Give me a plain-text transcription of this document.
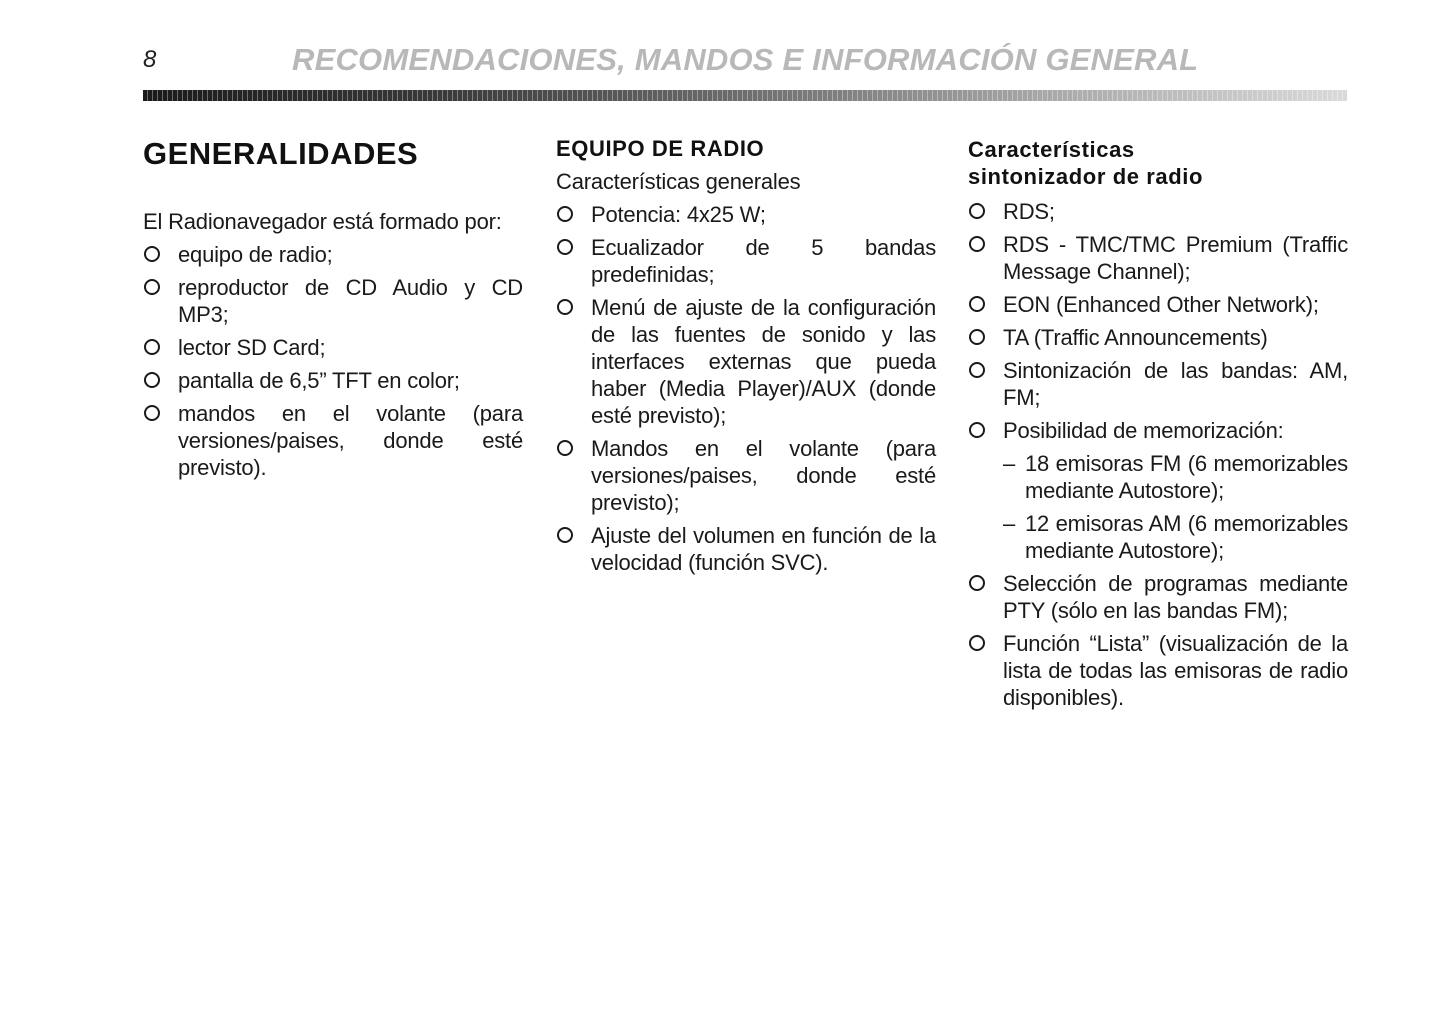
8	RECOMENDACIONES, MANDOS E INFORMACIÓN GENERAL
GENERALIDADES

El Radionavegador está formado por:

equipo de radio;
reproductor de CD Audio y CD MP3;
lector SD Card;
pantalla de 6,5” TFT en color;
mandos en el volante (para versiones/paises, donde esté previsto).
EQUIPO DE RADIO

Características generales

Potencia: 4x25 W;
Ecualizador de 5 bandas predefinidas;
Menú de ajuste de la configuración de las fuentes de sonido y las interfaces externas que pueda haber (Media Player)/AUX (donde esté previsto);
Mandos en el volante (para versiones/paises, donde esté previsto);
Ajuste del volumen en función de la velocidad (función SVC).
Características
sintonizador de radio
RDS;
RDS - TMC/TMC Premium (Traffic Message Channel);
EON (Enhanced Other Network);
TA (Traffic Announcements)
Sintonización de las bandas: AM, FM;
Posibilidad de memorización:
– 18 emisoras FM (6 memorizables mediante Autostore);
– 12 emisoras AM (6 memorizables mediante Autostore);
Selección de programas mediante PTY (sólo en las bandas FM);
Función “Lista” (visualización de la lista de todas las emisoras de radio disponibles).
